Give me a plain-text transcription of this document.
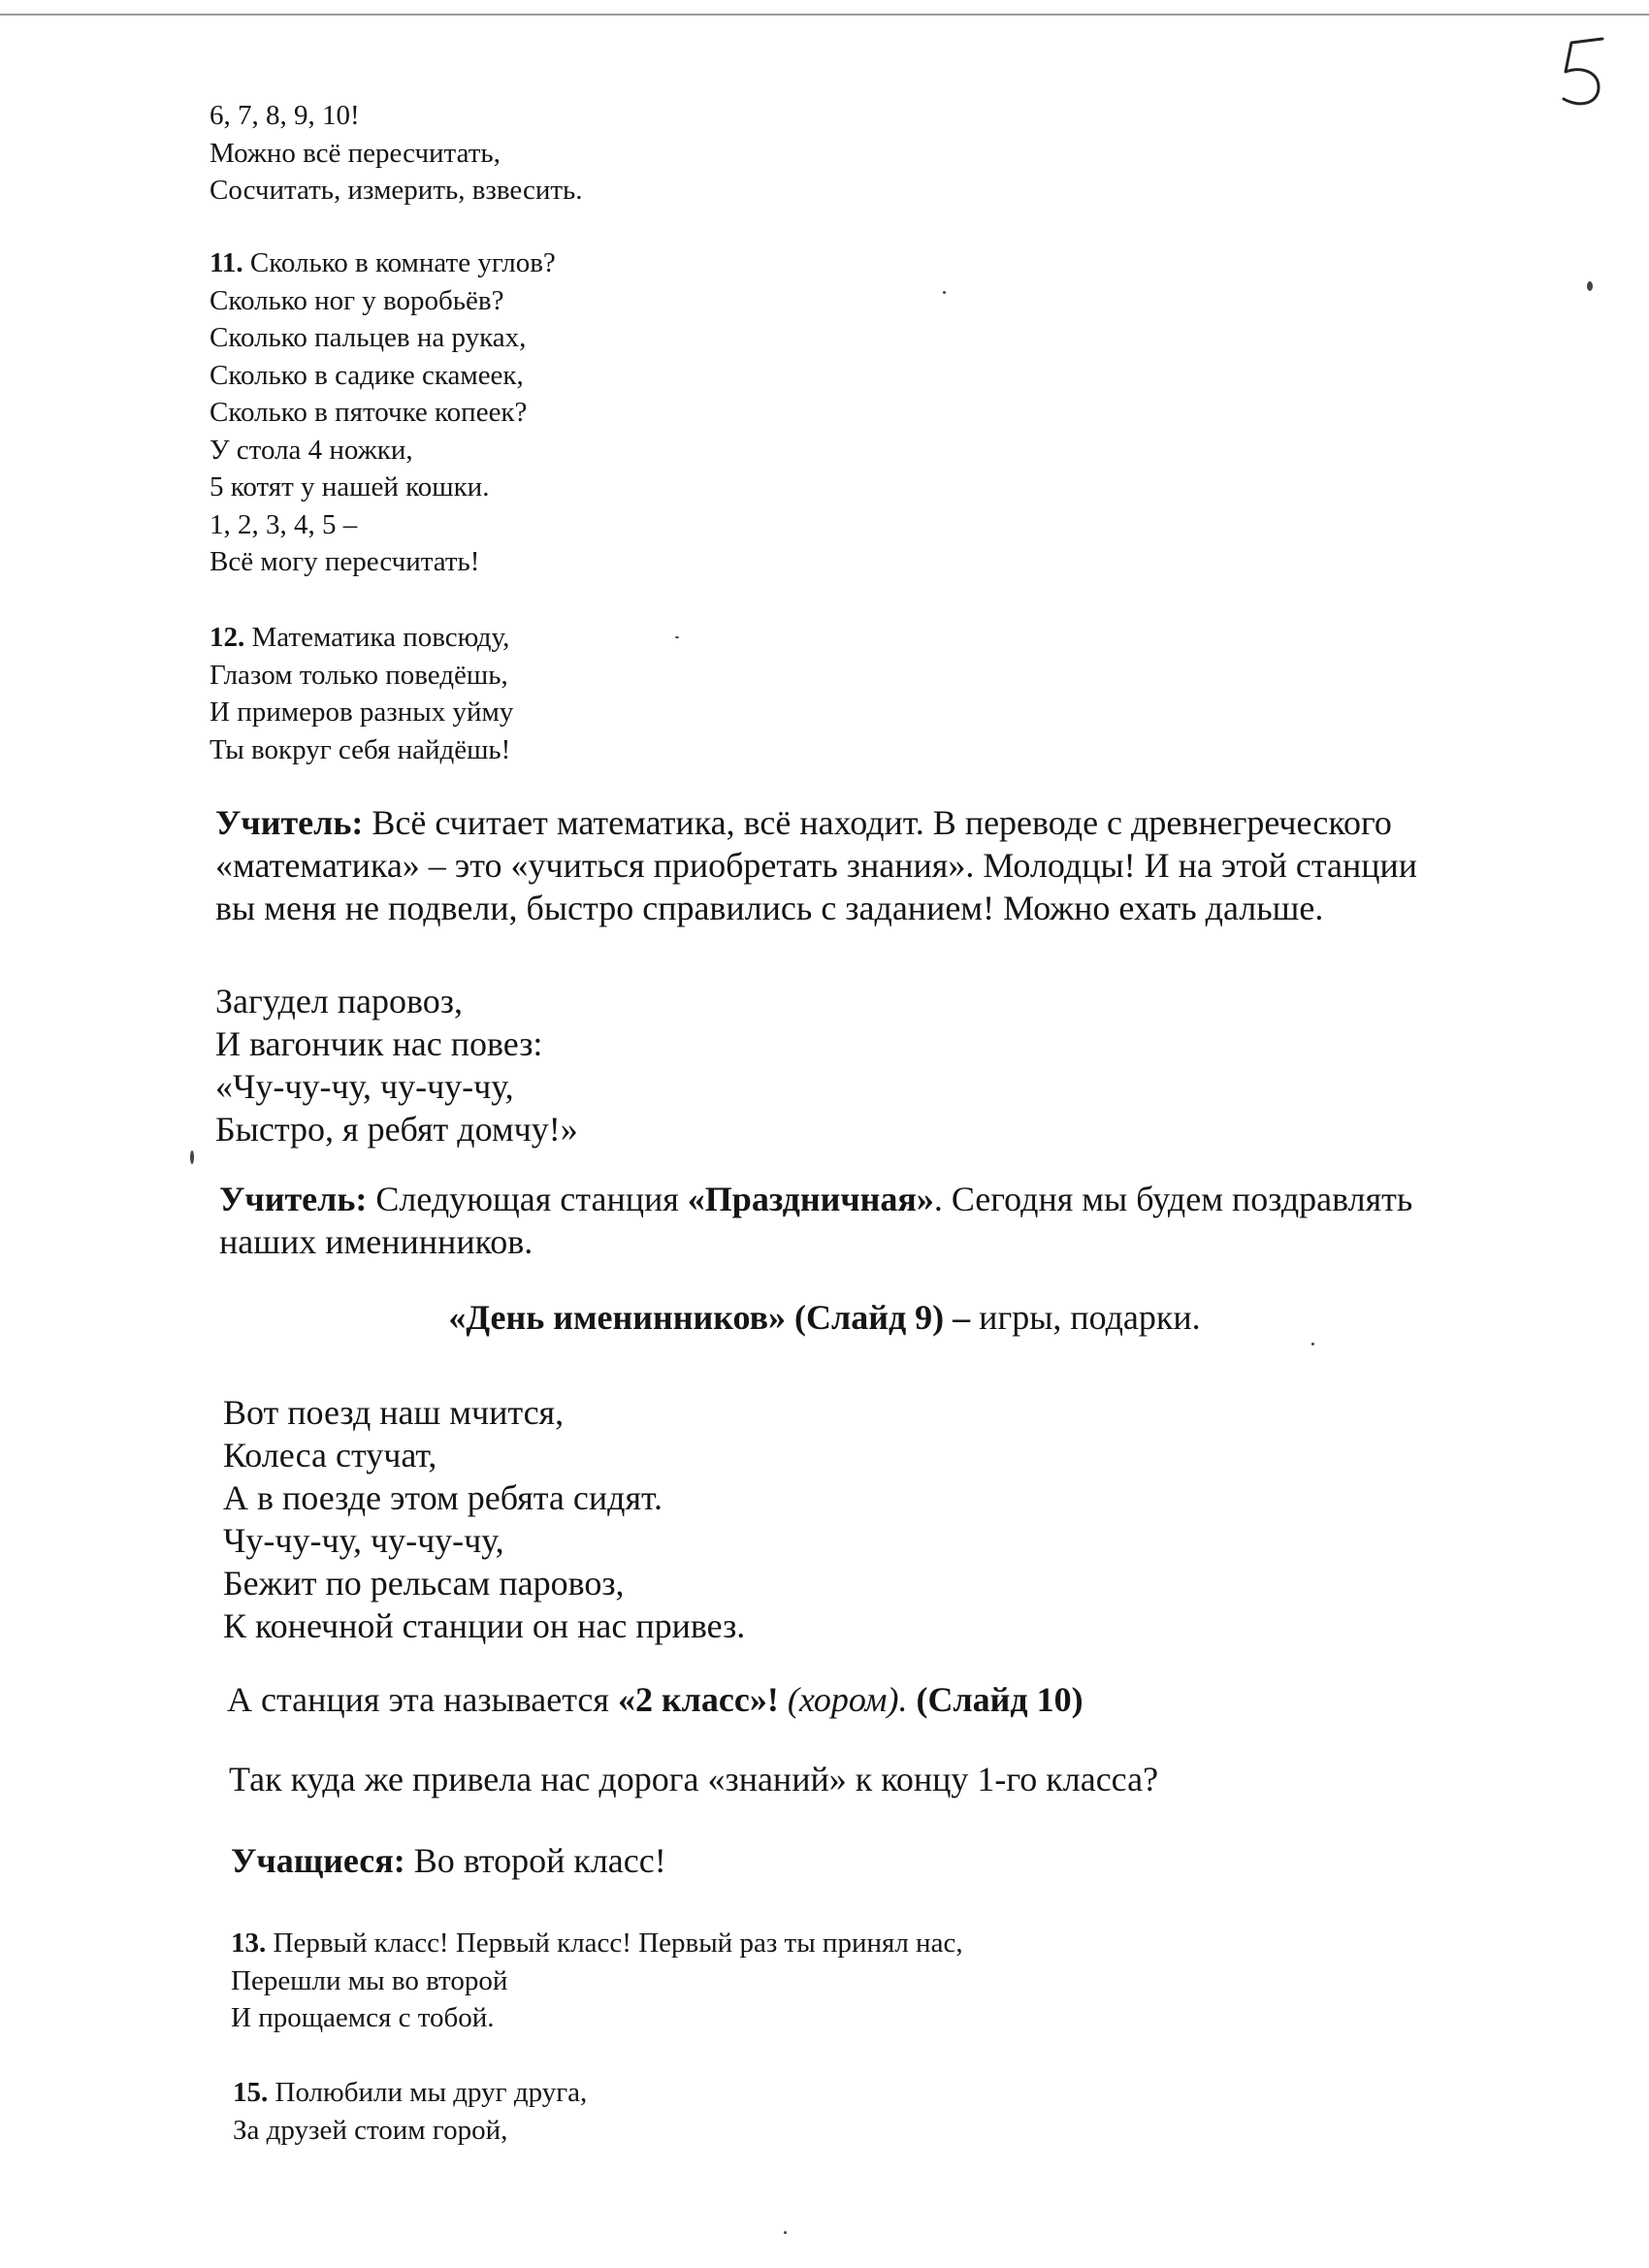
6, 7, 8, 9, 10!
Можно всё пересчитать,
Сосчитать, измерить, взвесить.
11. Сколько в комнате углов?
Сколько ног у воробьёв?
Сколько пальцев на руках,
Сколько в садике скамеек,
Сколько в пяточке копеек?
У стола 4 ножки,
5 котят у нашей кошки.
1, 2, 3, 4, 5 –
Всё могу пересчитать!
12. Математика повсюду,
Глазом только поведёшь,
И примеров разных уйму
Ты вокруг себя найдёшь!
Учитель: Всё считает математика, всё находит. В переводе с древнегреческого
«математика» – это «учиться приобретать знания». Молодцы! И на этой станции
вы меня не подвели, быстро справились с заданием! Можно ехать дальше.
Загудел паровоз,
И вагончик нас повез:
«Чу-чу-чу, чу-чу-чу,
Быстро, я ребят домчу!»
Учитель: Следующая станция «Праздничная». Сегодня мы будем поздравлять
наших именинников.
«День именинников» (Слайд 9) – игры, подарки.
Вот поезд наш мчится,
Колеса стучат,
А в поезде этом ребята сидят.
Чу-чу-чу, чу-чу-чу,
Бежит по рельсам паровоз,
К конечной станции он нас привез.
А станция эта называется «2 класс»! (хором). (Слайд 10)
Так куда же привела нас дорога «знаний» к концу 1-го класса?
Учащиеся: Во второй класс!
13. Первый класс! Первый класс! Первый раз ты принял нас,
Перешли мы во второй
И прощаемся с тобой.
15. Полюбили мы друг друга,
За друзей стоим горой,
